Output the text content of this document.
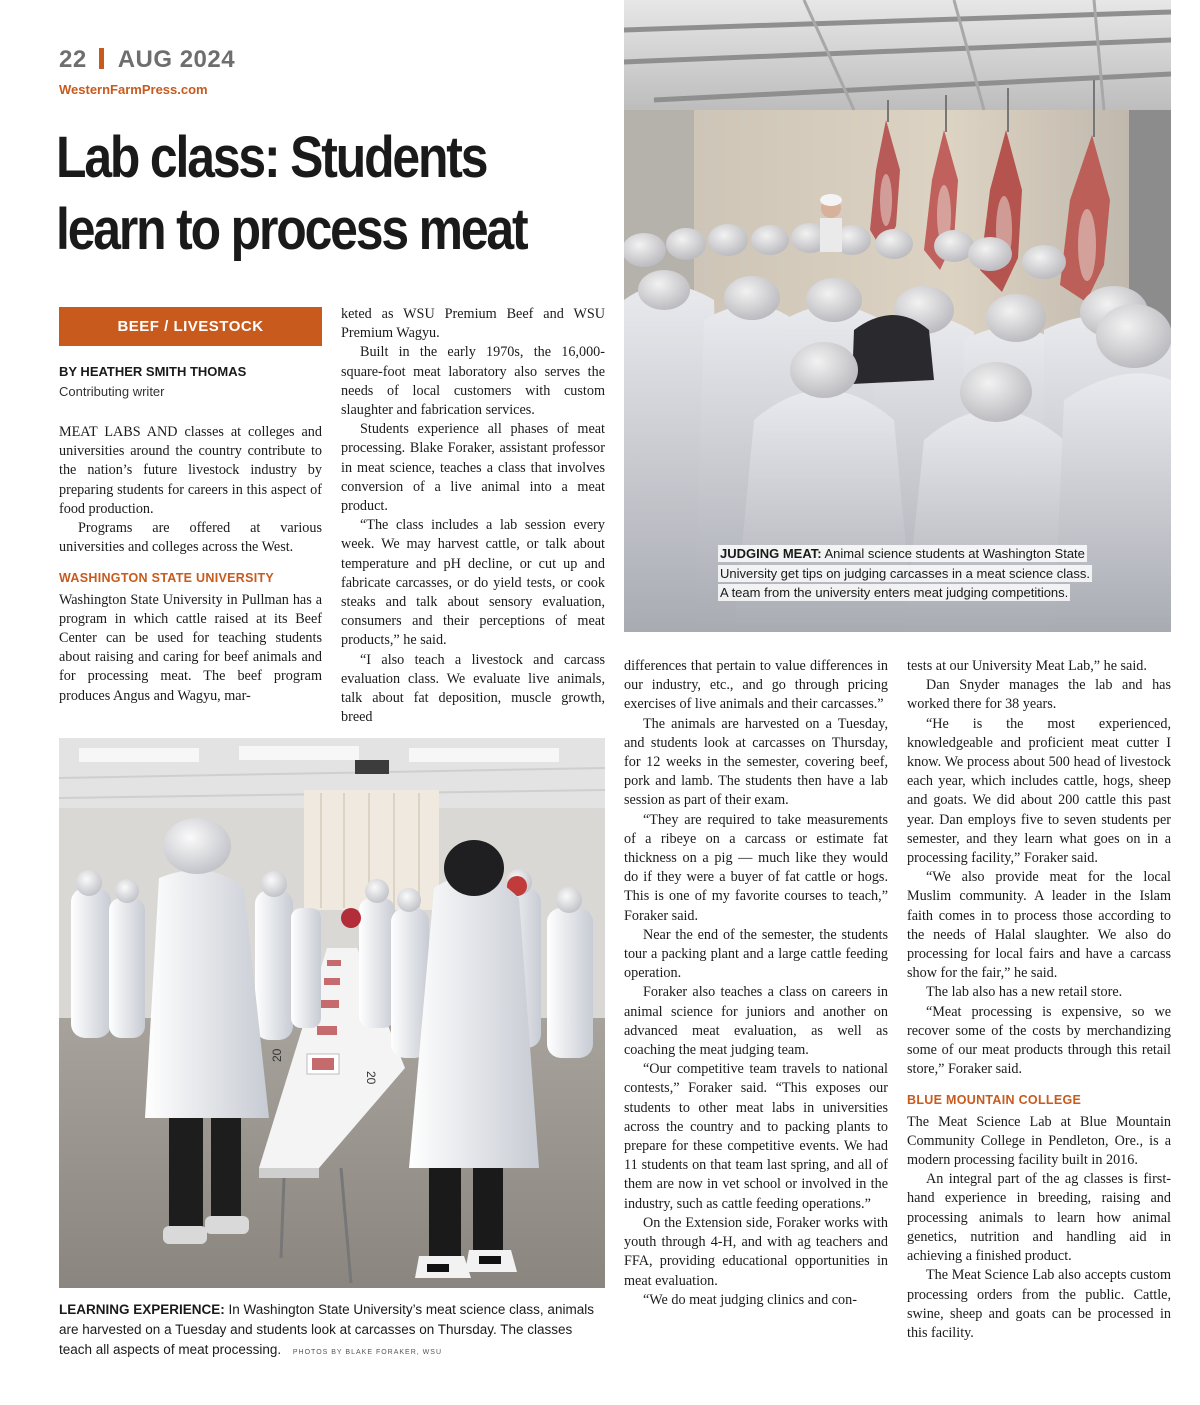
22 AUG 2024
WesternFarmPress.com
Lab class: Students learn to process meat
BEEF / LIVESTOCK
BY HEATHER SMITH THOMAS
Contributing writer

MEAT LABS AND classes at colleges and universities around the country contribute to the nation’s future livestock industry by preparing students for careers in this aspect of food production.

Programs are offered at various universities and colleges across the West.

WASHINGTON STATE UNIVERSITY

Washington State University in Pullman has a program in which cattle raised at its Beef Center can be used for teaching students about raising and caring for beef animals and for processing meat. The beef program produces Angus and Wagyu, mar-

keted as WSU Premium Beef and WSU Premium Wagyu.

Built in the early 1970s, the 16,000-square-foot meat laboratory also serves the needs of local customers with custom slaughter and fabrication services.

Students experience all phases of meat processing. Blake Foraker, assistant professor in meat science, teaches a class that involves conversion of a live animal into a meat product.

“The class includes a lab session every week. We may harvest cattle, or talk about temperature and pH decline, or cut up and fabricate carcasses, or do yield tests, or cook steaks and talk about sensory evaluation, consumers and their perceptions of meat products,” he said.

“I also teach a livestock and carcass evaluation class. We evaluate live animals, talk about fat deposition, muscle growth, breed

differences that pertain to value differences in our industry, etc., and go through pricing exercises of live animals and their carcasses.”

The animals are harvested on a Tuesday, and students look at carcasses on Thursday, for 12 weeks in the semester, covering beef, pork and lamb. The students then have a lab session as part of their exam.

“They are required to take measurements of a ribeye on a carcass or estimate fat thickness on a pig — much like they would do if they were a buyer of fat cattle or hogs. This is one of my favorite courses to teach,” Foraker said.

Near the end of the semester, the students tour a packing plant and a large cattle feeding operation.

Foraker also teaches a class on careers in animal science for juniors and another on advanced meat evaluation, as well as coaching the meat judging team.

“Our competitive team travels to national contests,” Foraker said. “This exposes our students to other meat labs in universities across the country and to packing plants to prepare for these competitive events. We had 11 students on that team last spring, and all of them are now in vet school or involved in the industry, such as cattle feeding operations.”

On the Extension side, Foraker works with youth through 4-H, and with ag teachers and FFA, providing educational opportunities in meat evaluation.

“We do meat judging clinics and con-

tests at our University Meat Lab,” he said.

Dan Snyder manages the lab and has worked there for 38 years.

“He is the most experienced, knowledgeable and proficient meat cutter I know. We process about 500 head of livestock each year, which includes cattle, hogs, sheep and goats. We did about 200 cattle this past year. Dan employs five to seven students per semester, and they learn what goes on in a processing facility,” Foraker said.

“We also provide meat for the local Muslim community. A leader in the Islam faith comes in to process those according to the needs of Halal slaughter. We also do processing for local fairs and have a carcass show for the fair,” he said.

The lab also has a new retail store.

“Meat processing is expensive, so we recover some of the costs by merchandizing some of our meat products through this retail store,” Foraker said.

BLUE MOUNTAIN COLLEGE

The Meat Science Lab at Blue Mountain Community College in Pendleton, Ore., is a modern processing facility built in 2016.

An integral part of the ag classes is first-hand experience in breeding, raising and processing animals to learn how animal genetics, nutrition and handling aid in achieving a finished product.

The Meat Science Lab also accepts custom processing orders from the public. Cattle, swine, sheep and goats can be processed in this facility.

JUDGING MEAT: Animal science students at Washington State University get tips on judging carcasses in a meat science class. A team from the university enters meat judging competitions.
20
20
LEARNING EXPERIENCE: In Washington State University’s meat science class, animals are harvested on a Tuesday and students look at carcasses on Thursday. The classes teach all aspects of meat processing. PHOTOS BY BLAKE FORAKER, WSU
